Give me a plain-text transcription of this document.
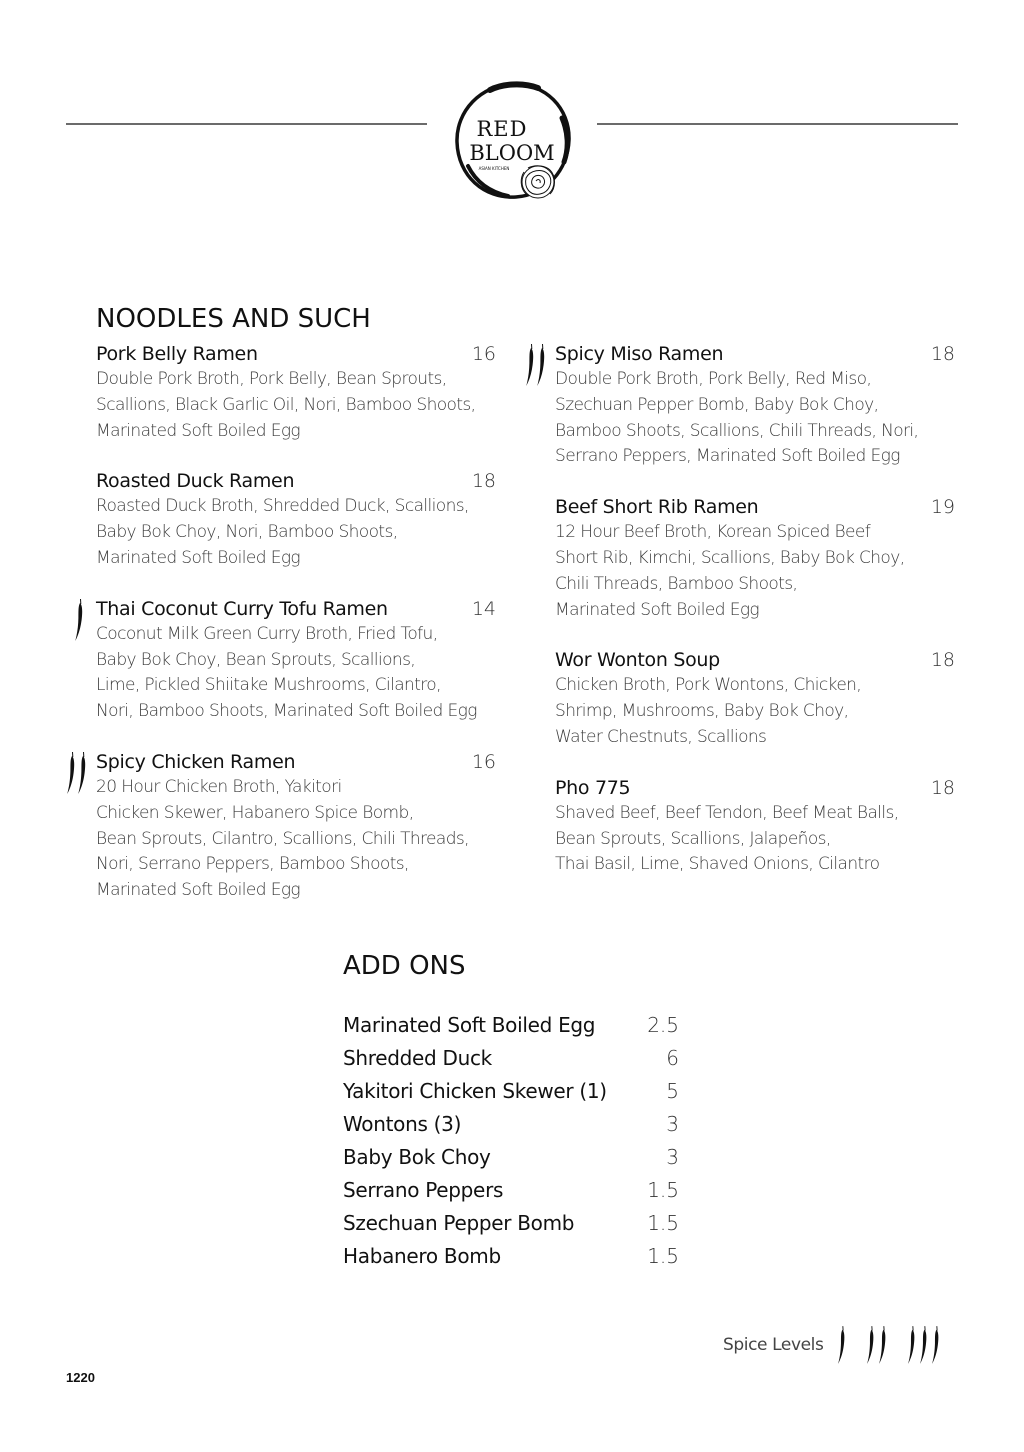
RED
BLOOM
ASIAN KITCHEN
NOODLES AND SUCH
Pork Belly Ramen	16
Double Pork Broth, Pork Belly, Bean Sprouts,
Scallions, Black Garlic Oil, Nori, Bamboo Shoots,
Marinated Soft Boiled Egg
Roasted Duck Ramen	18
Roasted Duck Broth, Shredded Duck, Scallions,
Baby Bok Choy, Nori, Bamboo Shoots,
Marinated Soft Boiled Egg
Thai Coconut Curry Tofu Ramen	14
Coconut Milk Green Curry Broth, Fried Tofu,
Baby Bok Choy, Bean Sprouts, Scallions,
Lime, Pickled Shiitake Mushrooms, Cilantro,
Nori, Bamboo Shoots, Marinated Soft Boiled Egg
Spicy Chicken Ramen	16
20 Hour Chicken Broth, Yakitori
Chicken Skewer, Habanero Spice Bomb,
Bean Sprouts, Cilantro, Scallions, Chili Threads,
Nori, Serrano Peppers, Bamboo Shoots,
Marinated Soft Boiled Egg
Spicy Miso Ramen	18
Double Pork Broth, Pork Belly, Red Miso,
Szechuan Pepper Bomb, Baby Bok Choy,
Bamboo Shoots, Scallions, Chili Threads, Nori,
Serrano Peppers, Marinated Soft Boiled Egg
Beef Short Rib Ramen	19
12 Hour Beef Broth, Korean Spiced Beef
Short Rib, Kimchi, Scallions, Baby Bok Choy,
Chili Threads, Bamboo Shoots,
Marinated Soft Boiled Egg
Wor Wonton Soup	18
Chicken Broth, Pork Wontons, Chicken,
Shrimp, Mushrooms, Baby Bok Choy,
Water Chestnuts, Scallions
Pho 775	18
Shaved Beef, Beef Tendon, Beef Meat Balls,
Bean Sprouts, Scallions, Jalapeños,
Thai Basil, Lime, Shaved Onions, Cilantro
ADD ONS
Marinated Soft Boiled Egg	2.5
Shredded Duck	6
Yakitori Chicken Skewer (1)	5
Wontons (3)	3
Baby Bok Choy	3
Serrano Peppers	1.5
Szechuan Pepper Bomb	1.5
Habanero Bomb	1.5
Spice Levels
1220
